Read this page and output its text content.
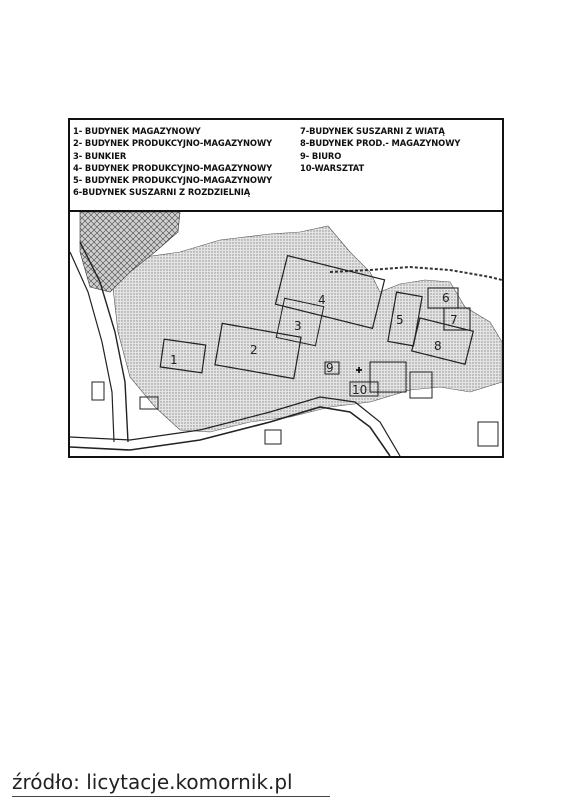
1- BUDYNEK MAGAZYNOWY
2- BUDYNEK PRODUKCYJNO-MAGAZYNOWY
3- BUNKIER
4- BUDYNEK PRODUKCYJNO-MAGAZYNOWY
5- BUDYNEK PRODUKCYJNO-MAGAZYNOWY
6-BUDYNEK SUSZARNI Z ROZDZIELNIĄ
7-BUDYNEK SUSZARNI Z WIATĄ
8-BUDYNEK PROD.- MAGAZYNOWY
9- BIURO
10-WARSZTAT
1
2
3
4
5
6
7
8
9
10
źródło: licytacje.komornik.pl
